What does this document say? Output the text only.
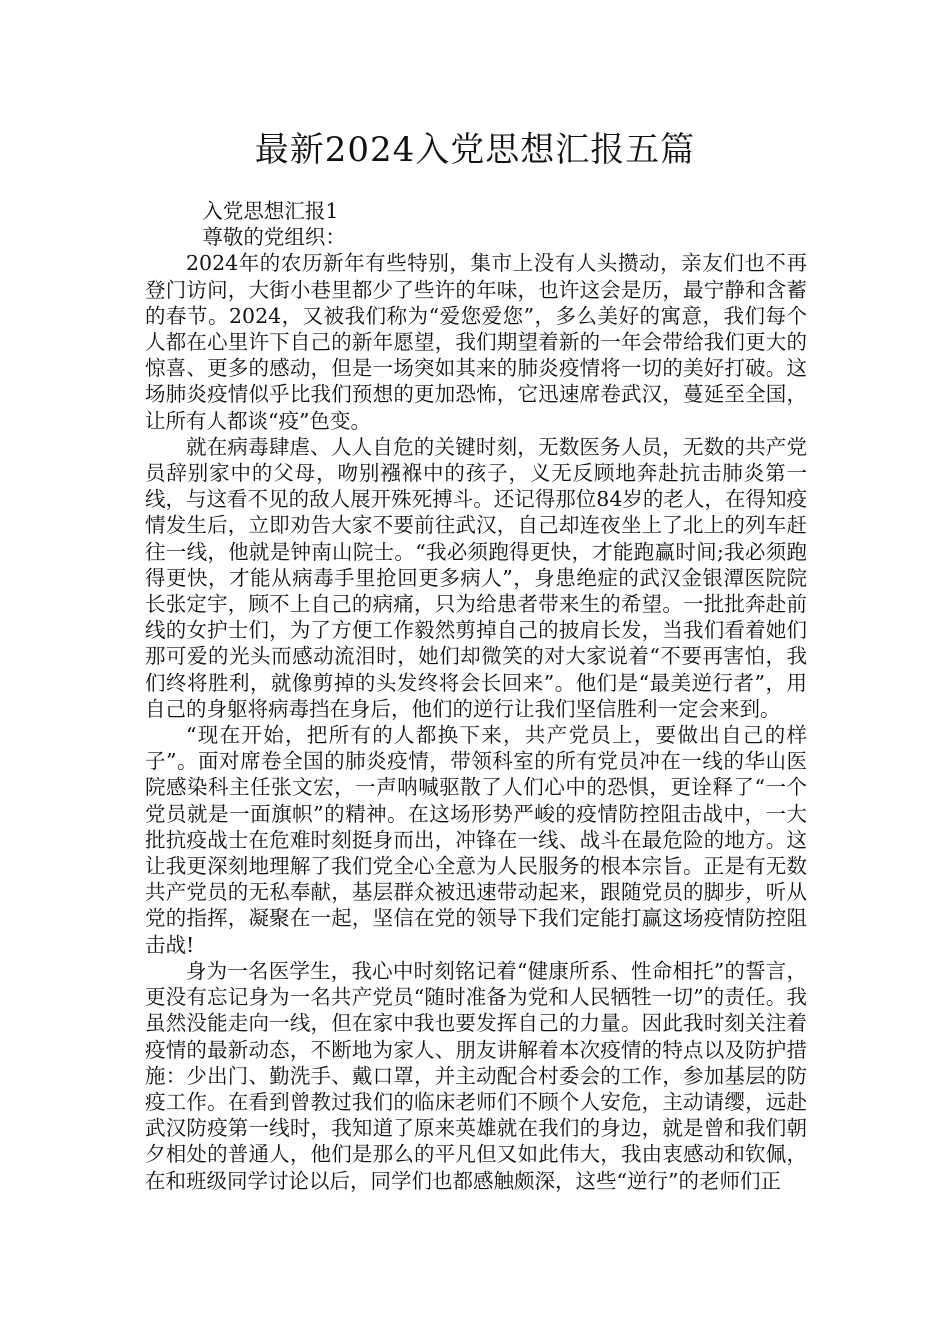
最新2024入党思想汇报五篇

入党思想汇报1

尊敬的党组织：

2024年的农历新年有些特别，集市上没有人头攒动，亲友们也不再登门访问，大街小巷里都少了些许的年味，也许这会是历，最宁静和含蓄的春节。2024，又被我们称为“爱您爱您”，多么美好的寓意，我们每个人都在心里许下自己的新年愿望，我们期望着新的一年会带给我们更大的惊喜、更多的感动，但是一场突如其来的肺炎疫情将一切的美好打破。这场肺炎疫情似乎比我们预想的更加恐怖，它迅速席卷武汉，蔓延至全国，让所有人都谈“疫”色变。

就在病毒肆虐、人人自危的关键时刻，无数医务人员，无数的共产党员辞别家中的父母，吻别襁褓中的孩子，义无反顾地奔赴抗击肺炎第一线，与这看不见的敌人展开殊死搏斗。还记得那位84岁的老人，在得知疫情发生后，立即劝告大家不要前往武汉，自己却连夜坐上了北上的列车赶往一线，他就是钟南山院士。“我必须跑得更快，才能跑赢时间;我必须跑得更快，才能从病毒手里抢回更多病人”，身患绝症的武汉金银潭医院院长张定宇，顾不上自己的病痛，只为给患者带来生的希望。一批批奔赴前线的女护士们，为了方便工作毅然剪掉自己的披肩长发，当我们看着她们那可爱的光头而感动流泪时，她们却微笑的对大家说着“不要再害怕，我们终将胜利，就像剪掉的头发终将会长回来”。他们是“最美逆行者”，用自己的身躯将病毒挡在身后，他们的逆行让我们坚信胜利一定会来到。

“现在开始，把所有的人都换下来，共产党员上，要做出自己的样子”。面对席卷全国的肺炎疫情，带领科室的所有党员冲在一线的华山医院感染科主任张文宏，一声呐喊驱散了人们心中的恐惧，更诠释了“一个党员就是一面旗帜”的精神。在这场形势严峻的疫情防控阻击战中，一大批抗疫战士在危难时刻挺身而出，冲锋在一线、战斗在最危险的地方。这让我更深刻地理解了我们党全心全意为人民服务的根本宗旨。正是有无数共产党员的无私奉献，基层群众被迅速带动起来，跟随党员的脚步，听从党的指挥，凝聚在一起，坚信在党的领导下我们定能打赢这场疫情防控阻击战!

身为一名医学生，我心中时刻铭记着“健康所系、性命相托”的誓言，更没有忘记身为一名共产党员“随时准备为党和人民牺牲一切”的责任。我虽然没能走向一线，但在家中我也要发挥自己的力量。因此我时刻关注着疫情的最新动态，不断地为家人、朋友讲解着本次疫情的特点以及防护措施：少出门、勤洗手、戴口罩，并主动配合村委会的工作，参加基层的防疫工作。在看到曾教过我们的临床老师们不顾个人安危，主动请缨，远赴武汉防疫第一线时，我知道了原来英雄就在我们的身边，就是曾和我们朝夕相处的普通人，他们是那么的平凡但又如此伟大，我由衷感动和钦佩，在和班级同学讨论以后，同学们也都感触颇深，这些“逆行”的老师们正
